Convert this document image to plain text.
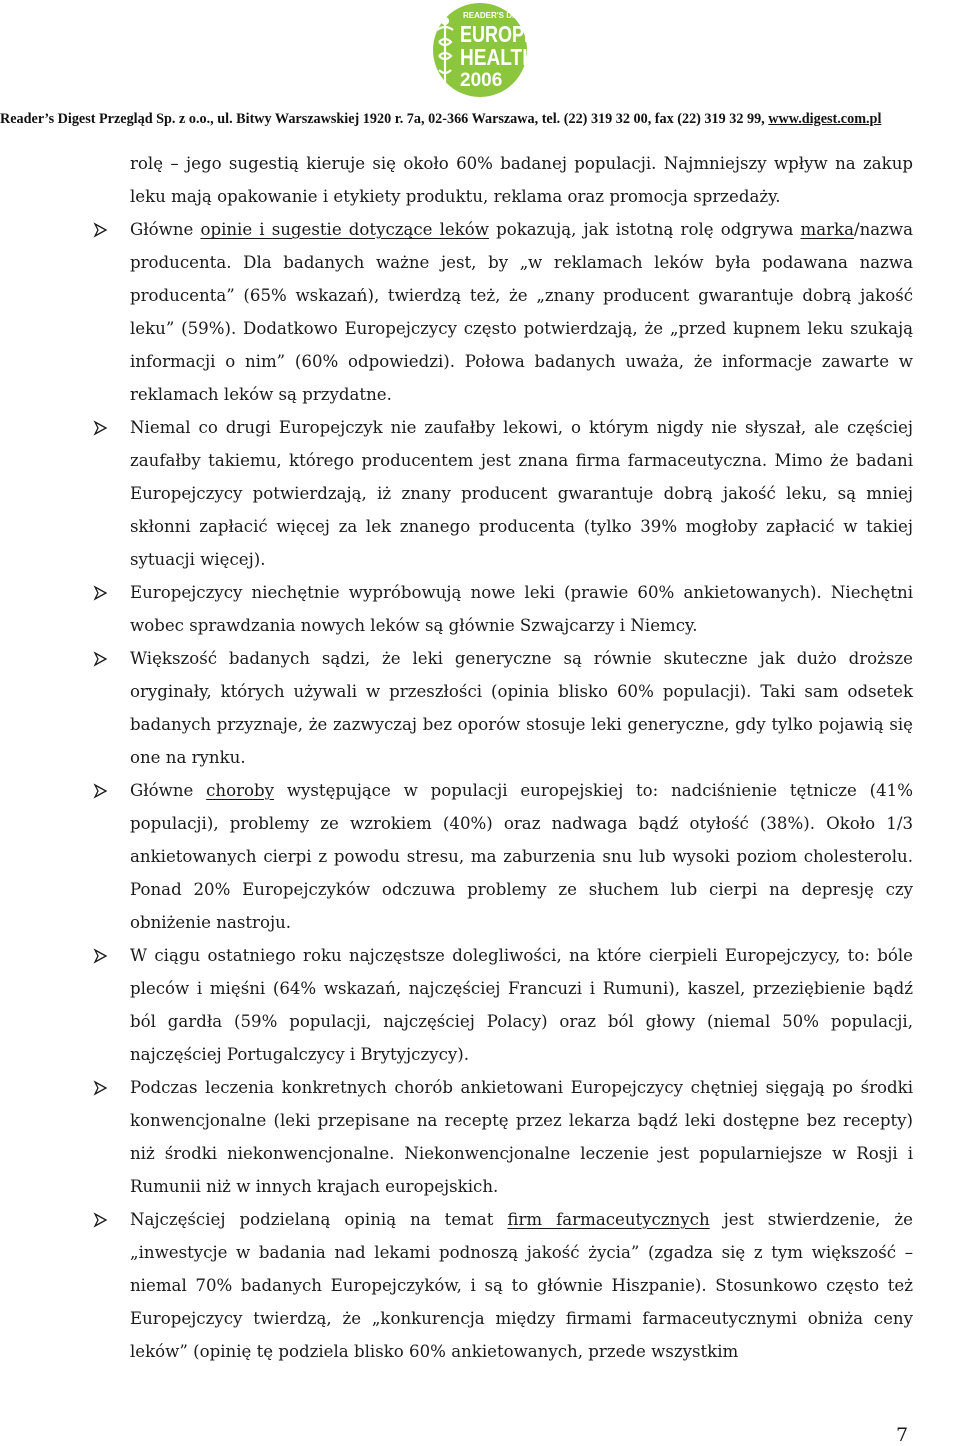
READER'S DIGEST
EUROPE
HEALTH
2006
Reader’s Digest Przegląd Sp. z o.o., ul. Bitwy Warszawskiej 1920 r. 7a, 02-366 Warszawa, tel. (22) 319 32 00, fax (22) 319 32 99, www.digest.com.pl

rolę – jego sugestią kieruje się około 60% badanej populacji. Najmniejszy wpływ na zakup leku mają opakowanie i etykiety produktu, reklama oraz promocja sprzedaży.

Główne opinie i sugestie dotyczące leków pokazują, jak istotną rolę odgrywa marka/nazwa producenta. Dla badanych ważne jest, by „w reklamach leków była podawana nazwa producenta” (65% wskazań), twierdzą też, że „znany producent gwarantuje dobrą jakość leku” (59%). Dodatkowo Europejczycy często potwierdzają, że „przed kupnem leku szukają informacji o nim” (60% odpowiedzi). Połowa badanych uważa, że informacje zawarte w reklamach leków są przydatne.

Niemal co drugi Europejczyk nie zaufałby lekowi, o którym nigdy nie słyszał, ale częściej zaufałby takiemu, którego producentem jest znana firma farmaceutyczna. Mimo że badani Europejczycy potwierdzają, iż znany producent gwarantuje dobrą jakość leku, są mniej skłonni zapłacić więcej za lek znanego producenta (tylko 39% mogłoby zapłacić w takiej sytuacji więcej).

Europejczycy niechętnie wypróbowują nowe leki (prawie 60% ankietowanych). Niechętni wobec sprawdzania nowych leków są głównie Szwajcarzy i Niemcy.

Większość badanych sądzi, że leki generyczne są równie skuteczne jak dużo droższe oryginały, których używali w przeszłości (opinia blisko 60% populacji). Taki sam odsetek badanych przyznaje, że zazwyczaj bez oporów stosuje leki generyczne, gdy tylko pojawią się one na rynku.

Główne choroby występujące w populacji europejskiej to: nadciśnienie tętnicze (41% populacji), problemy ze wzrokiem (40%) oraz nadwaga bądź otyłość (38%). Około 1/3 ankietowanych cierpi z powodu stresu, ma zaburzenia snu lub wysoki poziom cholesterolu. Ponad 20% Europejczyków odczuwa problemy ze słuchem lub cierpi na depresję czy obniżenie nastroju.

W ciągu ostatniego roku najczęstsze dolegliwości, na które cierpieli Europejczycy, to: bóle pleców i mięśni (64% wskazań, najczęściej Francuzi i Rumuni), kaszel, przeziębienie bądź ból gardła (59% populacji, najczęściej Polacy) oraz ból głowy (niemal 50% populacji, najczęściej Portugalczycy i Brytyjczycy).

Podczas leczenia konkretnych chorób ankietowani Europejczycy chętniej sięgają po środki konwencjonalne (leki przepisane na receptę przez lekarza bądź leki dostępne bez recepty) niż środki niekonwencjonalne. Niekonwencjonalne leczenie jest popularniejsze w Rosji i Rumunii niż w innych krajach europejskich.

Najczęściej podzielaną opinią na temat firm farmaceutycznych jest stwierdzenie, że „inwestycje w badania nad lekami podnoszą jakość życia” (zgadza się z tym większość – niemal 70% badanych Europejczyków, i są to głównie Hiszpanie). Stosunkowo często też Europejczycy twierdzą, że „konkurencja między firmami farmaceutycznymi obniża ceny leków” (opinię tę podziela blisko 60% ankietowanych, przede wszystkim

7
